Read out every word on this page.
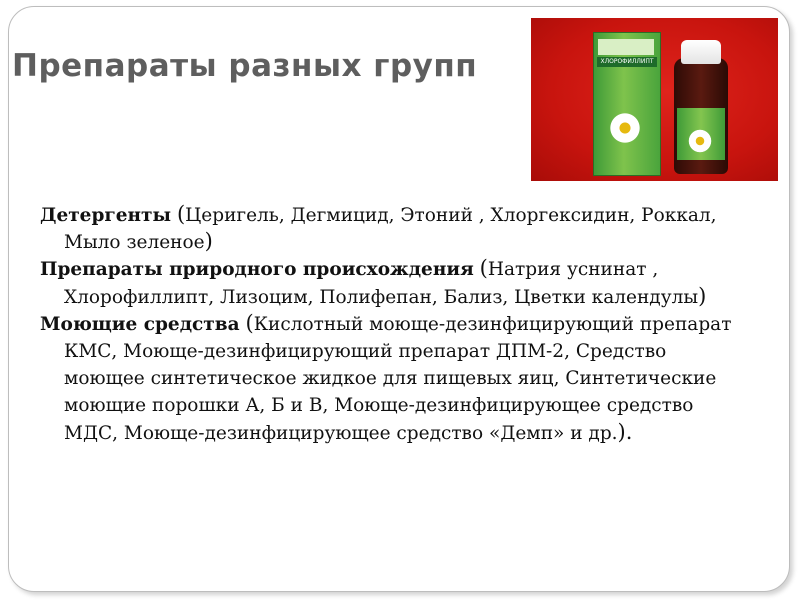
Препараты разных групп	ХЛОРОФИЛЛИПТ

Детергенты (Церигель, Дегмицид, Этоний , Хлоргексидин, Роккал, Мыло зеленое)

Препараты природного происхождения (Натрия уснинат , Хлорофиллипт, Лизоцим, Полифепан, Бализ, Цветки календулы)

Моющие средства (Кислотный моюще-дезинфицирующий препарат КМС, Моюще-дезинфицирующий препарат ДПМ-2, Средство моющее синтетическое жидкое для пищевых яиц, Синтетические моющие порошки А, Б и В, Моюще-дезинфицирующее средство МДС, Моюще-дезинфицирующее средство «Демп» и др.).
